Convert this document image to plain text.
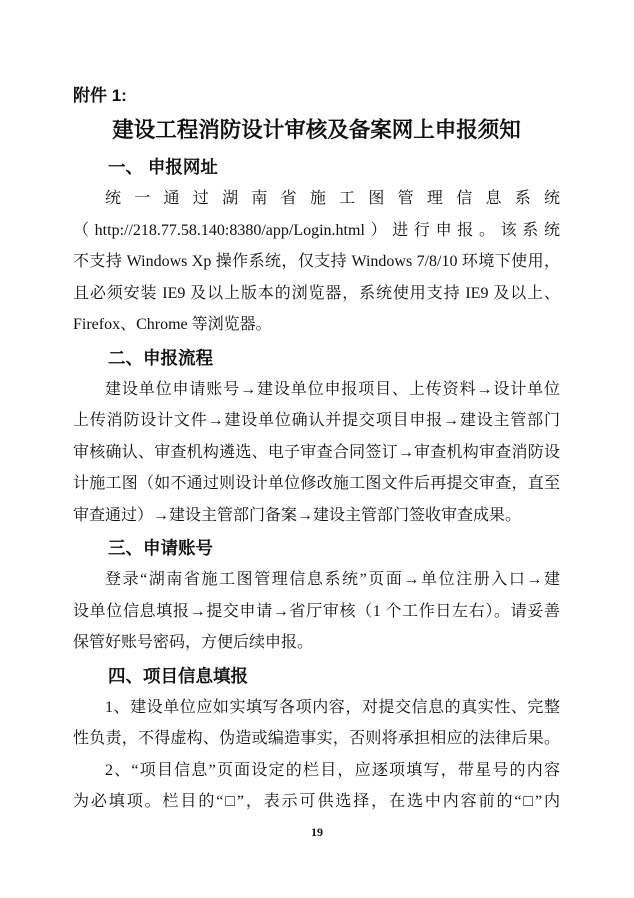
附件 1:
建设工程消防设计审核及备案网上申报须知
一、 申报网址
统一通过湖南省施工图管理信息系统
（http://218.77.58.140:8380/app/Login.html）进行申报。该系统
不支持 Windows Xp 操作系统，仅支持 Windows 7/8/10 环境下使用，
且必须安装 IE9 及以上版本的浏览器，系统使用支持 IE9 及以上、
Firefox、Chrome 等浏览器。
二、申报流程
建设单位申请账号→建设单位申报项目、上传资料→设计单位
上传消防设计文件→建设单位确认并提交项目申报→建设主管部门
审核确认、审查机构遴选、电子审查合同签订→审查机构审查消防设
计施工图（如不通过则设计单位修改施工图文件后再提交审查，直至
审查通过）→建设主管部门备案→建设主管部门签收审查成果。
三、申请账号
登录“湖南省施工图管理信息系统”页面→单位注册入口→建
设单位信息填报→提交申请→省厅审核（1 个工作日左右）。请妥善
保管好账号密码，方便后续申报。
四、项目信息填报
1、建设单位应如实填写各项内容，对提交信息的真实性、完整
性负责，不得虚构、伪造或编造事实，否则将承担相应的法律后果。
2、“项目信息”页面设定的栏目，应逐项填写，带星号的内容
为必填项。栏目的“□”，表示可供选择，在选中内容前的“□”内
19
